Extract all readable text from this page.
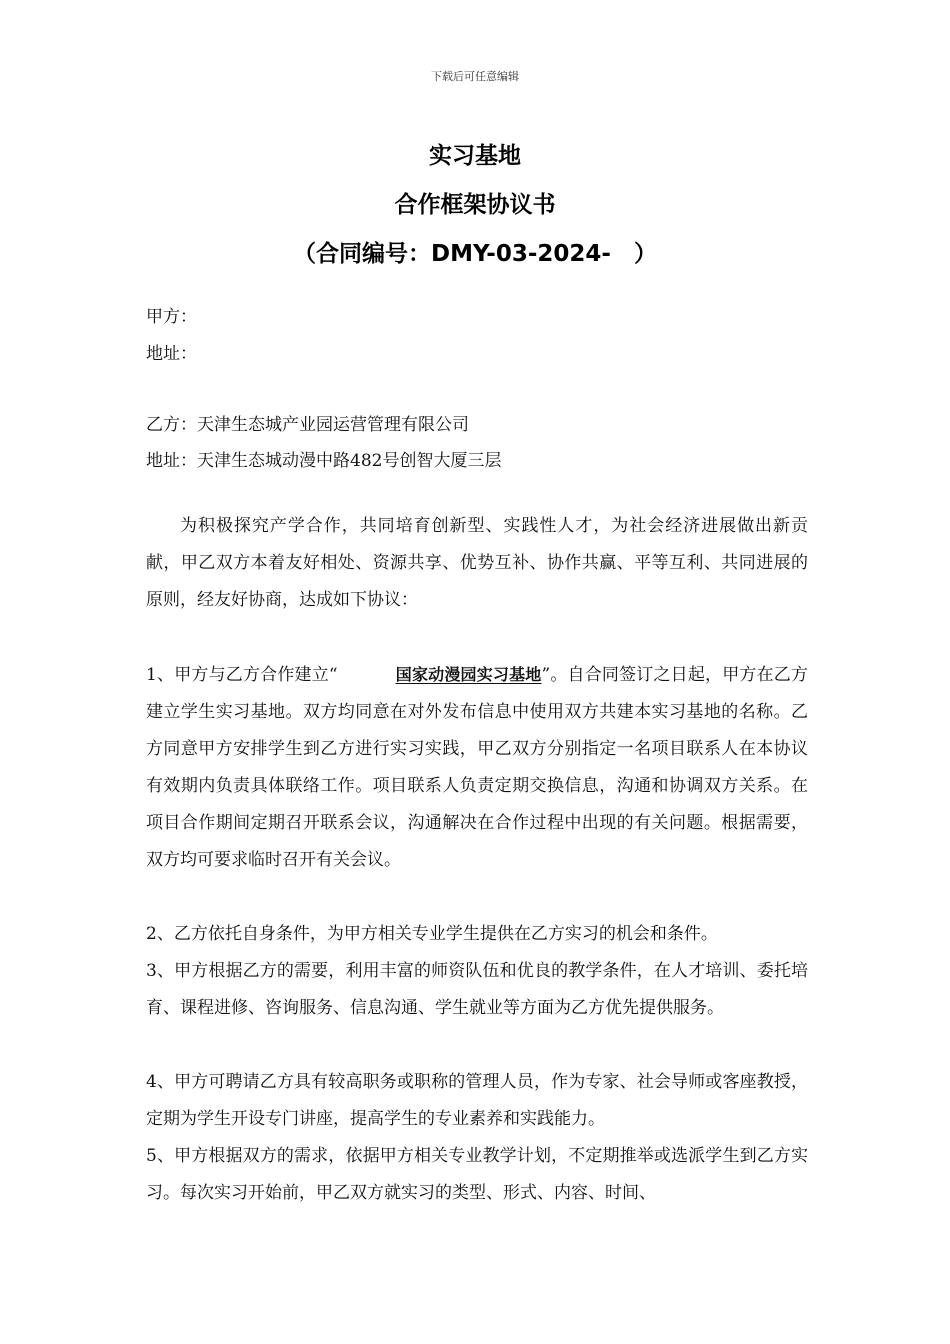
下载后可任意编辑
实习基地
合作框架协议书
（合同编号：DMY-03-2024-　）
甲方：
地址：
乙方：天津生态城产业园运营管理有限公司
地址：天津生态城动漫中路482号创智大厦三层
为积极探究产学合作，共同培育创新型、实践性人才，为社会经济进展做出新贡献，甲乙双方本着友好相处、资源共享、优势互补、协作共赢、平等互利、共同进展的原则，经友好协商，达成如下协议：
1、甲方与乙方合作建立“	国家动漫园实习基地”。自合同签订之日起，甲方在乙方建立学生实习基地。双方均同意在对外发布信息中使用双方共建本实习基地的名称。乙方同意甲方安排学生到乙方进行实习实践，甲乙双方分别指定一名项目联系人在本协议有效期内负责具体联络工作。项目联系人负责定期交换信息，沟通和协调双方关系。在项目合作期间定期召开联系会议，沟通解决在合作过程中出现的有关问题。根据需要，双方均可要求临时召开有关会议。
2、乙方依托自身条件，为甲方相关专业学生提供在乙方实习的机会和条件。
3、甲方根据乙方的需要，利用丰富的师资队伍和优良的教学条件，在人才培训、委托培育、课程进修、咨询服务、信息沟通、学生就业等方面为乙方优先提供服务。
4、甲方可聘请乙方具有较高职务或职称的管理人员，作为专家、社会导师或客座教授，定期为学生开设专门讲座，提高学生的专业素养和实践能力。
5、甲方根据双方的需求，依据甲方相关专业教学计划，不定期推举或选派学生到乙方实习。每次实习开始前，甲乙双方就实习的类型、形式、内容、时间、
